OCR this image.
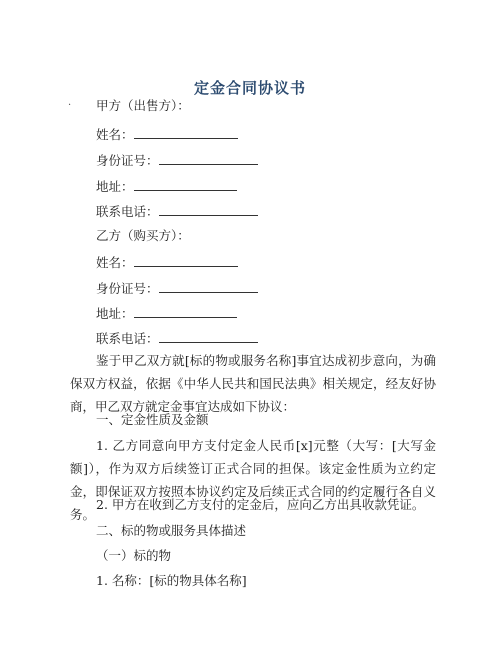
定金合同协议书
· 甲方（出售方）：
姓名：
身份证号：
地址：
联系电话：
乙方（购买方）：
姓名：
身份证号：
地址：
联系电话：
鉴于甲乙双方就[标的物或服务名称]事宜达成初步意向，为确保双方权益，依据《中华人民共和国民法典》相关规定，经友好协商，甲乙双方就定金事宜达成如下协议：
一、定金性质及金额
1. 乙方同意向甲方支付定金人民币[x]元整（大写：[大写金额]），作为双方后续签订正式合同的担保。该定金性质为立约定金，即保证双方按照本协议约定及后续正式合同的约定履行各自义务。
2. 甲方在收到乙方支付的定金后，应向乙方出具收款凭证。
二、标的物或服务具体描述
（一）标的物
1. 名称：[标的物具体名称]
